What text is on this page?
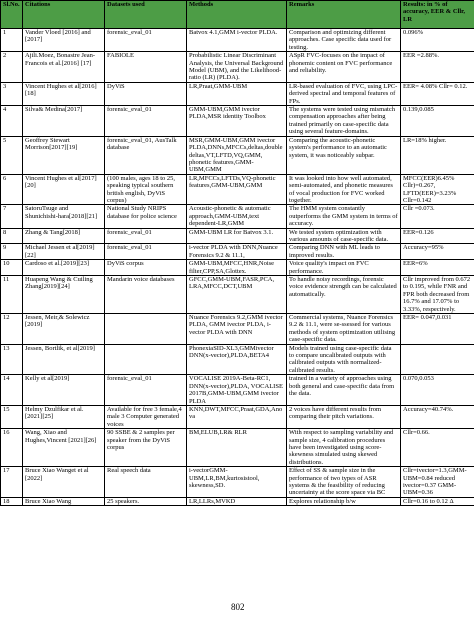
Sl.No.	Citations	Datasets used	Methods	Remarks	Results: in % of accuracy, EER & Cllr, LR
1	Vander Vloed [2016] and [2017]	forensic_eval_01	Batvox 4.1,GMM i-vector PLDA.	Comparison and optimizing different approaches. Case specific data used for testing.	0.096%
2	Ajili.Moez, Bonastre Jean-Francois et al.[2016] [17]	FABIOLE	Probabilistic Linear Discriminant Analysis, the Universal Background Model (UBM), and the Likelihood-ratio (LR) (PLDA).	ASpR FVC-focuses on the impact of phonemic content on FVC performance and reliability.	EER =2.88%.
3	Vincent Hughes et al[2016] [18]	DyViS	LR,Praat,GMM-UBM	LR-based evaluation of FVC, using LPC-derived spectral and temporal features of FPs.	EER= 4.08% Cllr= 0.12.
4	Silva& Medina[2017]	forensic_eval_01	GMM-UBM,GMM ivector PLDA,MSR identity Toolbox	The systems were tested using mismatch compensation approaches after being trained primarily on case-specific data using several feature-domains.	0.139,0.085
5	Geoffrey Stewart Morrison[2017][19]	forensic_eval_01, AusTalk database	MSR,GMM-UBM,GMM ivector PLDA,DNNs,MFCCs,deltas,double deltas,VT,LFTD,VQ,GMM, phonetic features,GMM-UBM,GMM	Comparing the acoustic-phonetic system's performance to an automatic system, it was noticeably subpar.	LR=18% higher.
6	Vincent Hughes et al[2017][20]	(100 males, ages 18 to 25, speaking typical southern british english, DyViS corpus)	LR,MFCCs,LFTDs,VQ-phonetic features,GMM-UBM,GMM	It was looked into how well automated, semi-automated, and phonetic measures of vocal production for FVC worked together.	MFCC(EER)6.45% Cllr)=0.267, LFTD(EER)=3.23% Cllr=0.142
7	SatoruTsuge and Shunichishi-hara[2018][21]	National Study NRIPS database for police science	Acoustic-phonetic & automatic approach,GMM-UBM,text dependent-LR,GMM	The HMM system constantly outperforms the GMM system in terms of accuracy.	Cllr =0.073.
8	Zhang & Tang[2018]	forensic_eval_01	GMM-UBM LR for Batvox 3.1.	We tested system optimization with various amounts of case-specific data.	EER=0.126
9	Michael Jessen et al[2019][22]	forensic_eval_01	i-vector PLDA with DNN,Nuance Forensics 9.2 & 11.1,	Comparing DNN with ML leads to improved results.	Accuracy=95%
10	Cardoso et al.[2019][23]	DyViS corpus	GMM-UBM,MFCC,HNR,Noise filter,CPP,SA,Glottex.	Voice quality's impact on FVC performance.	EER=6%
11	Huapeng Wang & Cuiling Zhang[2019][24]	Mandarin voice databases	GFCC,GMM-UBM,FASR,PCA, LRA,MFCC,DCT,UBM	To handle noisy recordings, forensic voice evidence strength can be calculated automatically.	Cllr improved from 0.672 to 0.195, while FNR and FPR both decreased from 16.7% and 17.07% to 3.33%, respectively.
12	Jessen, Meir,& Solewicz [2019]		Nuance Forensics 9.2,GMM ivector PLDA, GMM ivector PLDA, i-vector PLDA with DNN	Commercial systems, Nuance Forensics 9.2 & 11.1, were se-ssessed for various methods of system optimization utilising case-specific data.	EER= 0.047,0.031
13	Jessen, Bortlik, et al[2019]		PhonexiaSID-XL3,GMMivector DNN(x-vector),PLDA,BETA4	Models trained using case-specific data to compare uncalibrated outputs with calibrated outputs with normalized-calibrated results.	
14	Kelly et al[2019]	forensic_eval_01	VOCALISE 2019A-Beta-RC1, DNN(x-vector),PLDA, VOCALISE 2017B,GMM-UBM,GMM ivector PLDA	trained in a variety of approaches using both general and case-specific data from the data.	0.070,0.053
15	Helmy Dzulfikar et al. [2021][25]	Available for free 3 female,4 male 3 Computer generated voices	KNN,DWT,MFCC,Praat,GDA,Anova	2 voices have different results from comparing their pitch variations.	Accuracy=40.74%.
16	Wang, Xiao and Hughes,Vincent [2021][26]	90 SSBE & 2 samples per speaker from the DyViS corpus	BM,ELUB,LR& RLR	With respect to sampling variability and sample size, 4 calibration procedures have been investigated using score-skewness simulated using skewed distributions.	Cllr=0.66.
17	Bruce Xiao Wanget et al [2022]	Real speech data	i-vectorGMM-UBM,LR,BM,kurtosistool, skewness,SD.	Effect of SS & sample size in the performance of two types of ASR systems & the feasibility of reducing uncertainty at the score space via BC	Cllr=ivector=1.3,GMM-UBM=0.84 reduced ivector=0.37 GMM-UBM=0.36
18	Bruce Xiao Wang	25 speakers.	LR,LLRs,MVKD	Explores relationship b/w	Cllr=0.16 to 0.12 Δ
802
